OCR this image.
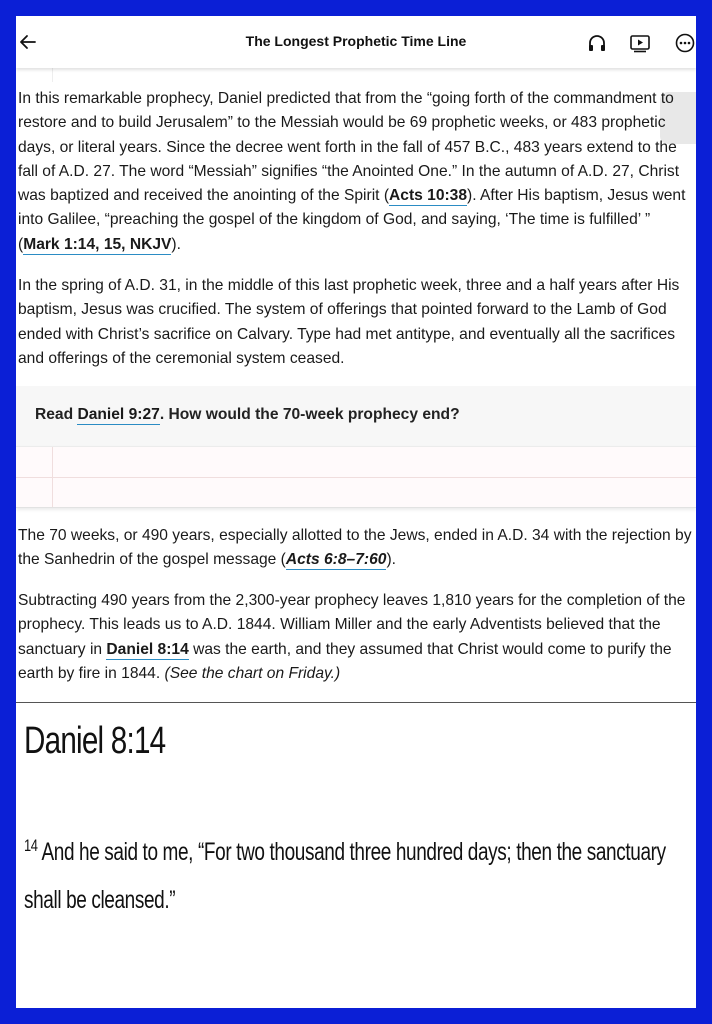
The Longest Prophetic Time Line

In this remarkable prophecy, Daniel predicted that from the “going forth of the commandment to restore and to build Jerusalem” to the Messiah would be 69 prophetic weeks, or 483 prophetic days, or literal years. Since the decree went forth in the fall of 457 B.C., 483 years extend to the fall of A.D. 27. The word “Messiah” signifies “the Anointed One.” In the autumn of A.D. 27, Christ was baptized and received the anointing of the Spirit (Acts 10:38). After His baptism, Jesus went into Galilee, “preaching the gospel of the kingdom of God, and saying, ‘The time is fulfilled’ ” (Mark 1:14, 15, NKJV).

In the spring of A.D. 31, in the middle of this last prophetic week, three and a half years after His baptism, Jesus was crucified. The system of offerings that pointed forward to the Lamb of God ended with Christ’s sacrifice on Calvary. Type had met antitype, and eventually all the sacrifices and offerings of the ceremonial system ceased.

Read Daniel 9:27. How would the 70-week prophecy end?

The 70 weeks, or 490 years, especially allotted to the Jews, ended in A.D. 34 with the rejection by the Sanhedrin of the gospel message (Acts 6:8–7:60).

Subtracting 490 years from the 2,300-year prophecy leaves 1,810 years for the completion of the prophecy. This leads us to A.D. 1844. William Miller and the early Adventists believed that the sanctuary in Daniel 8:14 was the earth, and they assumed that Christ would come to purify the earth by fire in 1844. (See the chart on Friday.)

Daniel 8:14
$^{14}$ And he said to me, “For two thousand three hundred days; then the sanctuary shall be cleansed.”
